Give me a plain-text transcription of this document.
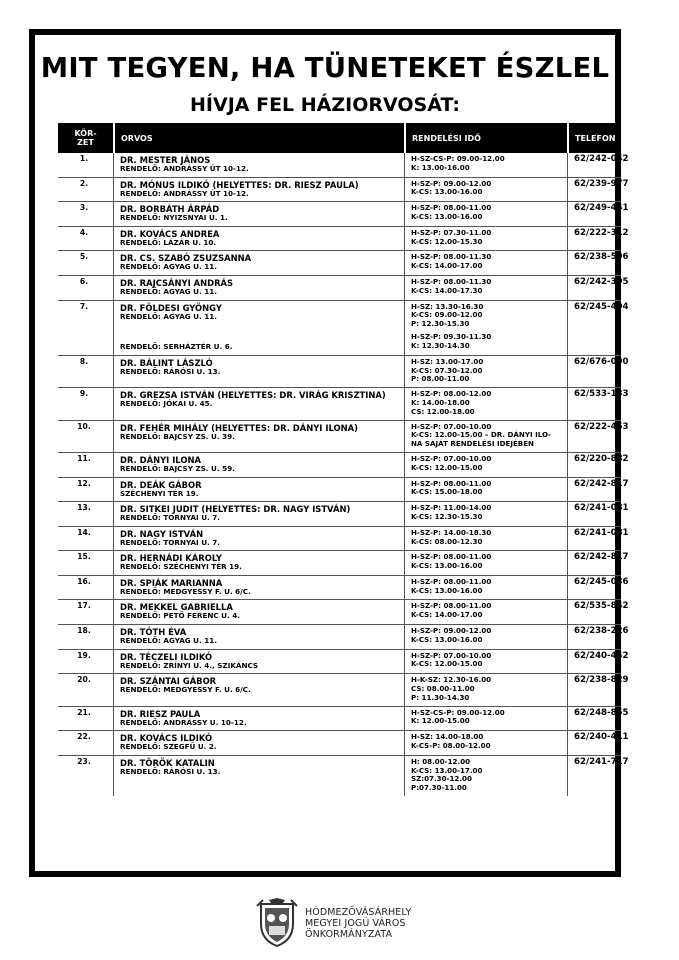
MIT TEGYEN, HA TÜNETEKET ÉSZLEL
HÍVJA FEL HÁZIORVOSÁT:
KÖR-
ZET	ORVOS	RENDELÉSI IDŐ	TELEFON
1.	DR. MESTER JÁNOS
RENDELŐ: ANDRÁSSY ÚT 10-12.	H-SZ-CS-P: 09.00-12.00
K: 13.00-16.00	62/242-042
2.	DR. MÓNUS ILDIKÓ (HELYETTES: DR. RIESZ PAULA)
RENDELŐ: ANDRÁSSY ÚT 10-12.	H-SZ-P: 09.00-12.00
K-CS: 13.00-16.00	62/239-977
3.	DR. BORBÁTH ÁRPÁD
RENDELŐ: NYIZSNYAI U. 1.	H-SZ-P: 08.00-11.00
K-CS: 13.00-16.00	62/249-441
4.	DR. KOVÁCS ANDREA
RENDELŐ: LÁZÁR U. 10.	H-SZ-P: 07.30-11.00
K-CS: 12.00-15.30	62/222-312
5.	DR. CS. SZABÓ ZSUZSANNA
RENDELŐ: AGYAG U. 11.	H-SZ-P: 08.00-11.30
K-CS: 14.00-17.00	62/238-596
6.	DR. RAJCSÁNYI ANDRÁS
RENDELŐ: AGYAG U. 11.	H-SZ-P: 08.00-11.30
K-CS: 14.00-17.30	62/242-395
7.	DR. FÖLDESI GYÖNGY
RENDELŐ: AGYAG U. 11.
RENDELŐ: SERHÁZTÉR U. 6.	H-SZ: 13.30-16.30
K-CS: 09.00-12.00
P: 12.30-15.30
H-SZ-P: 09.30-11.30
K: 12.30-14.30	62/245-494
8.	DR. BÁLINT LÁSZLÓ
RENDELŐ: RÁRÓSI U. 13.	H-SZ: 13.00-17.00
K-CS: 07.30-12.00
P: 08.00-11.00	62/676-090
9.	DR. GREZSA ISTVÁN (HELYETTES: DR. VIRÁG KRISZTINA)
RENDELŐ: JÓKAI U. 45.	H-SZ-P: 08.00-12.00
K: 14.00-18.00
CS: 12.00-18.00	62/533-133
10.	DR. FEHÉR MIHÁLY (HELYETTES: DR. DÁNYI ILONA)
RENDELŐ: BAJCSY ZS. U. 39.	H-SZ-P: 07.00-10.00
K-CS: 12.00-15.00 – DR. DÁNYI ILO-
NA SAJÁT RENDELÉSI IDEJÉBEN	62/222-453
11.	DR. DÁNYI ILONA
RENDELŐ: BAJCSY ZS. U. 59.	H-SZ-P: 07.00-10.00
K-CS: 12.00-15.00	62/220-882
12.	DR. DEÁK GÁBOR
SZÉCHENYI TÉR 19.	H-SZ-P: 08.00-11.00
K-CS: 15.00-18.00	62/242-817
13.	DR. SITKEI JUDIT (HELYETTES: DR. NAGY ISTVÁN)
RENDELŐ: TORNYAI U. 7.	H-SZ-P: 11.00-14.00
K-CS: 12.30-15.30	62/241-081
14.	DR. NAGY ISTVÁN
RENDELŐ: TORNYAI U. 7.	H-SZ-P: 14.00-18.30
K-CS: 08.00-12.30	62/241-081
15.	DR. HERNÁDI KÁROLY
RENDELŐ: SZÉCHENYI TÉR 19.	H-SZ-P: 08.00-11.00
K-CS: 13.00-16.00	62/242-817
16.	DR. SPIÁK MARIANNA
RENDELŐ: MEDGYESSY F. U. 6/C.	H-SZ-P: 08.00-11.00
K-CS: 13.00-16.00	62/245-036
17.	DR. MEKKEL GABRIELLA
RENDELŐ: PETŐ FERENC U. 4.	H-SZ-P: 08.00-11.00
K-CS: 14.00-17.00	62/535-842
18.	DR. TÓTH ÉVA
RENDELŐ: AGYAG U. 11.	H-SZ-P: 09.00-12.00
K-CS: 13.00-16.00	62/238-226
19.	DR. TÉCZELI ILDIKÓ
RENDELŐ: ZRÍNYI U. 4., SZIKÁNCS	H-SZ-P: 07.00-10.00
K-CS: 12.00-15.00	62/240-442
20.	DR. SZÁNTAI GÁBOR
RENDELŐ: MEDGYESSY F. U. 6/C.	H-K-SZ: 12.30-16.00
CS: 08.00-11.00
P: 11.30-14.30	62/238-829
21.	DR. RIESZ PAULA
RENDELŐ: ANDRÁSSY U. 10-12.	H-SZ-CS-P: 09.00-12.00
K: 12.00-15.00	62/248-855
22.	DR. KOVÁCS ILDIKÓ
RENDELŐ: SZEGFŰ U. 2.	H-SZ: 14.00-18.00
K-CS-P: 08.00-12.00	62/240-411
23.	DR. TÖRÖK KATALIN
RENDELŐ: RÁRÓSI U. 13.	H: 08.00-12.00
K-CS: 13.00-17.00
SZ:07.30-12.00
P:07.30-11.00	62/241-717
HÓDMEZŐVÁSÁRHELY
MEGYEI JOGÚ VÁROS
ÖNKORMÁNYZATA
